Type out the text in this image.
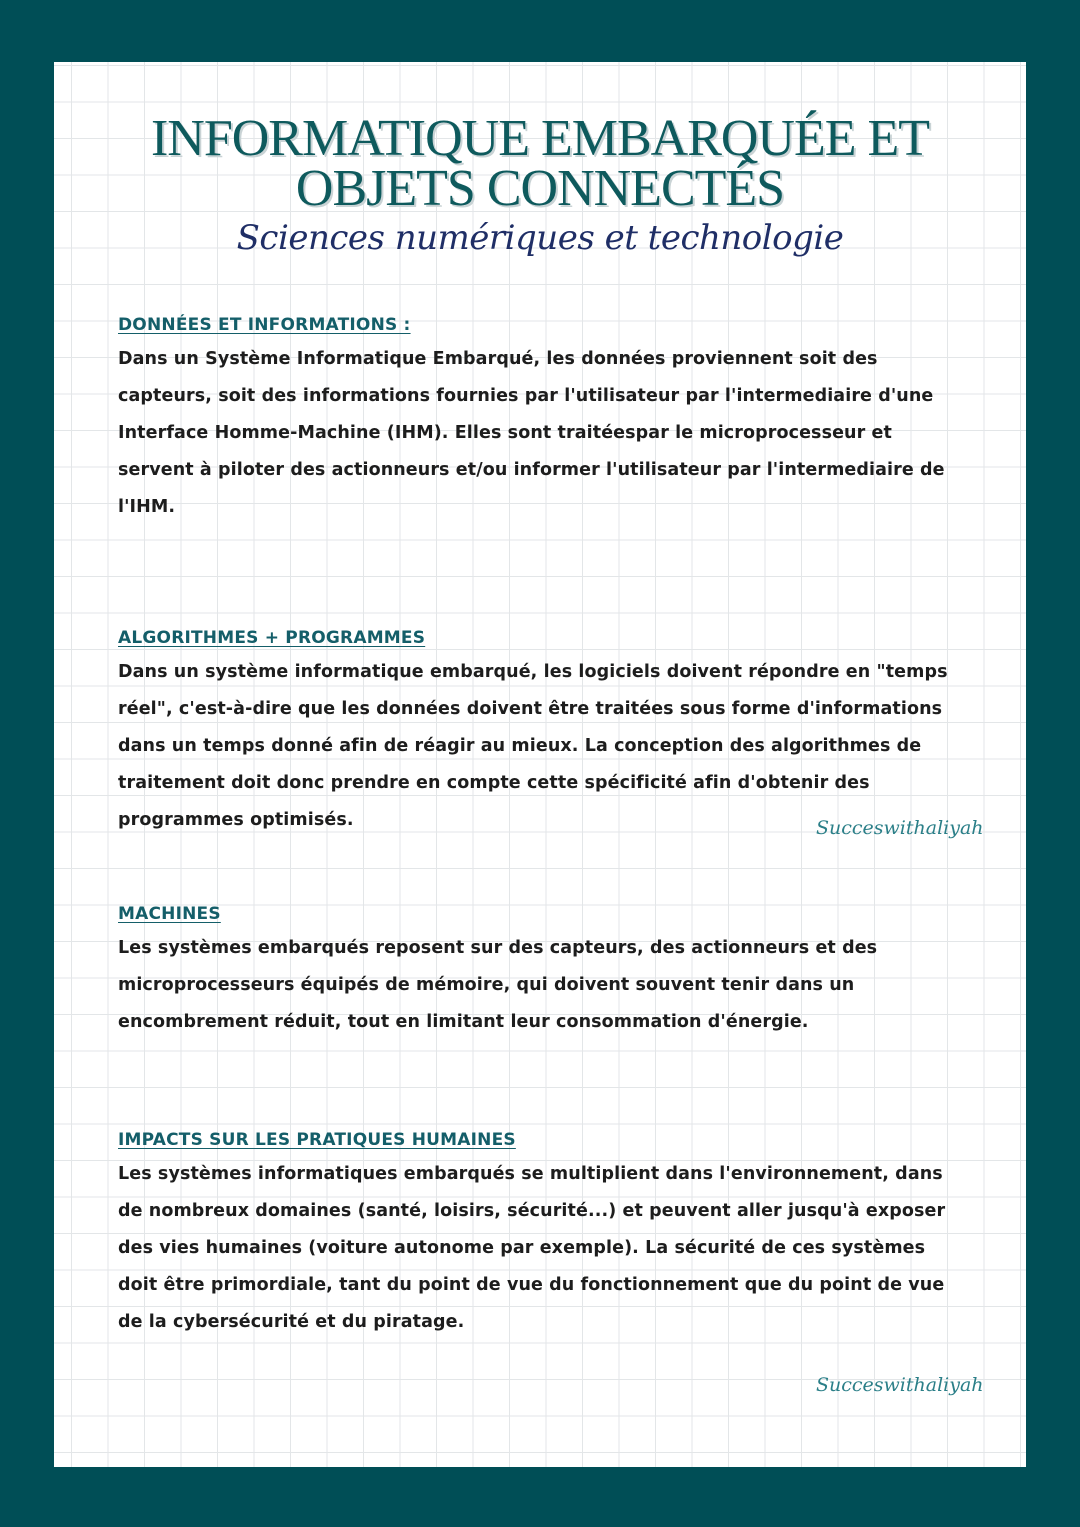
INFORMATIQUE EMBARQUÉE ET
OBJETS CONNECTÉS
Sciences numériques et technologie
DONNÉES ET INFORMATIONS :
Dans un Système Informatique Embarqué, les données proviennent soit des capteurs, soit des informations fournies par l'utilisateur par l'intermediaire d'une Interface Homme-Machine (IHM). Elles sont traitéespar le microprocesseur et servent à piloter des actionneurs et/ou informer l'utilisateur par l'intermediaire de l'IHM.
ALGORITHMES + PROGRAMMES
Dans un système informatique embarqué, les logiciels doivent répondre en "temps réel", c'est-à-dire que les données doivent être traitées sous forme d'informations dans un temps donné afin de réagir au mieux. La conception des algorithmes de traitement doit donc prendre en compte cette spécificité afin d'obtenir des programmes optimisés.	Succeswithaliyah
MACHINES
Les systèmes embarqués reposent sur des capteurs, des actionneurs et des microprocesseurs équipés de mémoire, qui doivent souvent tenir dans un encombrement réduit, tout en limitant leur consommation d'énergie.
IMPACTS SUR LES PRATIQUES HUMAINES
Les systèmes informatiques embarqués se multiplient dans l'environnement, dans de nombreux domaines (santé, loisirs, sécurité...) et peuvent aller jusqu'à exposer des vies humaines (voiture autonome par exemple). La sécurité de ces systèmes doit être primordiale, tant du point de vue du fonctionnement que du point de vue de la cybersécurité et du piratage.
Succeswithaliyah
